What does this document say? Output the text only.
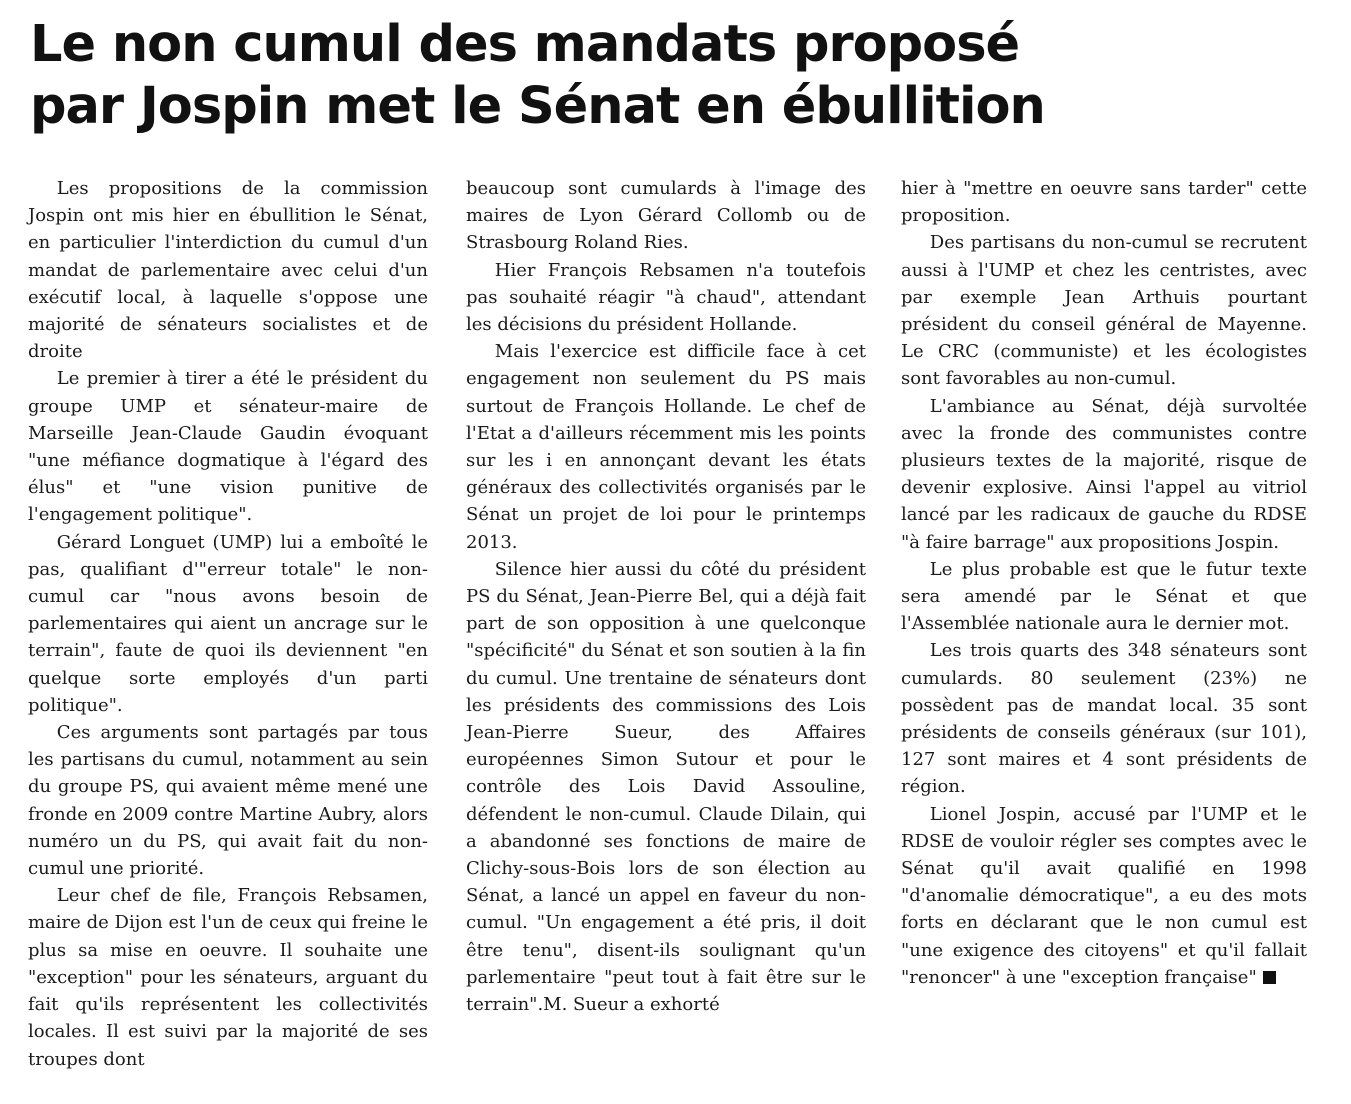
Le non cumul des mandats proposé
par Jospin met le Sénat en ébullition

Les propositions de la commission Jospin ont mis hier en ébullition le Sénat, en particulier l'interdiction du cumul d'un mandat de parlementaire avec celui d'un exécutif local, à laquelle s'oppose une majorité de sénateurs socialistes et de droite

Le premier à tirer a été le président du groupe UMP et sénateur-maire de Marseille Jean-Claude Gaudin évoquant "une méfiance dogmatique à l'égard des élus" et "une vision punitive de l'engagement politique".

Gérard Longuet (UMP) lui a emboîté le pas, qualifiant d'"erreur totale" le non-cumul car "nous avons besoin de parlementaires qui aient un ancrage sur le terrain", faute de quoi ils deviennent "en quelque sorte employés d'un parti politique".

Ces arguments sont partagés par tous les partisans du cumul, notamment au sein du groupe PS, qui avaient même mené une fronde en 2009 contre Martine Aubry, alors numéro un du PS, qui avait fait du non-cumul une priorité.

Leur chef de file, François Rebsamen, maire de Dijon est l'un de ceux qui freine le plus sa mise en oeuvre. Il souhaite une "exception" pour les sénateurs, arguant du fait qu'ils représentent les collectivités locales. Il est suivi par la majorité de ses troupes dont

beaucoup sont cumulards à l'image des maires de Lyon Gérard Collomb ou de Strasbourg Roland Ries.

Hier François Rebsamen n'a toutefois pas souhaité réagir "à chaud", attendant les décisions du président Hollande.

Mais l'exercice est difficile face à cet engagement non seulement du PS mais surtout de François Hollande. Le chef de l'Etat a d'ailleurs récemment mis les points sur les i en annonçant devant les états généraux des collectivités organisés par le Sénat un projet de loi pour le printemps 2013.

Silence hier aussi du côté du président PS du Sénat, Jean-Pierre Bel, qui a déjà fait part de son opposition à une quelconque "spécificité" du Sénat et son soutien à la fin du cumul. Une trentaine de sénateurs dont les présidents des commissions des Lois Jean-Pierre Sueur, des Affaires européennes Simon Sutour et pour le contrôle des Lois David Assouline, défendent le non-cumul. Claude Dilain, qui a abandonné ses fonctions de maire de Clichy-sous-Bois lors de son élection au Sénat, a lancé un appel en faveur du non-cumul. "Un engagement a été pris, il doit être tenu", disent-ils soulignant qu'un parlementaire "peut tout à fait être sur le terrain".M. Sueur a exhorté

hier à "mettre en oeuvre sans tarder" cette proposition.

Des partisans du non-cumul se recrutent aussi à l'UMP et chez les centristes, avec par exemple Jean Arthuis pourtant président du conseil général de Mayenne. Le CRC (communiste) et les écologistes sont favorables au non-cumul.

L'ambiance au Sénat, déjà survoltée avec la fronde des communistes contre plusieurs textes de la majorité, risque de devenir explosive. Ainsi l'appel au vitriol lancé par les radicaux de gauche du RDSE "à faire barrage" aux propositions Jospin.

Le plus probable est que le futur texte sera amendé par le Sénat et que l'Assemblée nationale aura le dernier mot.

Les trois quarts des 348 sénateurs sont cumulards. 80 seulement (23%) ne possèdent pas de mandat local. 35 sont présidents de conseils généraux (sur 101), 127 sont maires et 4 sont présidents de région.

Lionel Jospin, accusé par l'UMP et le RDSE de vouloir régler ses comptes avec le Sénat qu'il avait qualifié en 1998 "d'anomalie démocratique", a eu des mots forts en déclarant que le non cumul est "une exigence des citoyens" et qu'il fallait "renoncer" à une "exception française"
